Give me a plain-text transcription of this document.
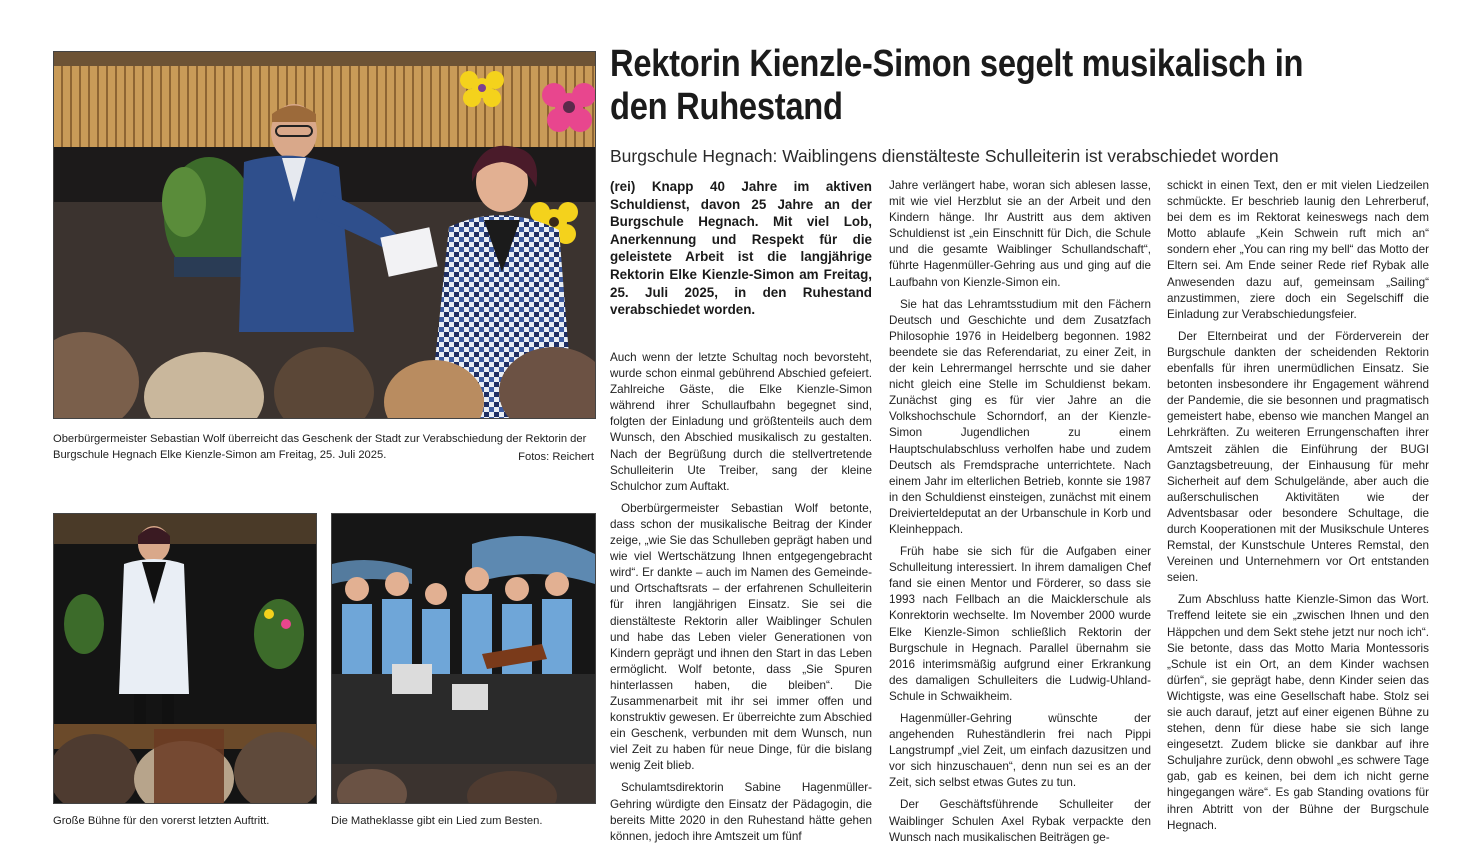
Oberbürgermeister Sebastian Wolf überreicht das Geschenk der Stadt zur Verabschiedung der Rektorin der Burgschule Hegnach Elke Kienzle-Simon am Freitag, 25. Juli 2025.	Fotos: Reichert
Große Bühne für den vorerst letzten Auftritt.	Die Matheklasse gibt ein Lied zum Besten.
Rektorin Kienzle-Simon segelt musikalisch in den Ruhestand
Burgschule Hegnach: Waiblingens dienstälteste Schulleiterin ist verabschiedet worden
(rei) Knapp 40 Jahre im aktiven Schuldienst, davon 25 Jahre an der Burgschule Hegnach. Mit viel Lob, Anerkennung und Respekt für die geleistete Arbeit ist die langjährige Rektorin Elke Kienzle-Simon am Freitag, 25. Juli 2025, in den Ruhestand verabschiedet worden.

Auch wenn der letzte Schultag noch bevorsteht, wurde schon einmal gebührend Abschied gefeiert. Zahlreiche Gäste, die Elke Kienzle-Simon während ihrer Schullaufbahn begegnet sind, folgten der Einladung und größtenteils auch dem Wunsch, den Abschied musikalisch zu gestalten. Nach der Begrüßung durch die stellvertretende Schulleiterin Ute Treiber, sang der kleine Schulchor zum Auftakt.

Oberbürgermeister Sebastian Wolf betonte, dass schon der musikalische Beitrag der Kinder zeige, „wie Sie das Schulleben geprägt haben und wie viel Wertschätzung Ihnen entgegengebracht wird“. Er dankte – auch im Namen des Gemeinde- und Ortschaftsrats – der erfahrenen Schulleiterin für ihren langjährigen Einsatz. Sie sei die dienstälteste Rektorin aller Waiblinger Schulen und habe das Leben vieler Generationen von Kindern geprägt und ihnen den Start in das Leben ermöglicht. Wolf betonte, dass „Sie Spuren hinterlassen haben, die bleiben“. Die Zusammenarbeit mit ihr sei immer offen und konstruktiv gewesen. Er überreichte zum Abschied ein Geschenk, verbunden mit dem Wunsch, nun viel Zeit zu haben für neue Dinge, für die bislang wenig Zeit blieb.

Schulamtsdirektorin Sabine Hagenmüller-Gehring würdigte den Einsatz der Pädagogin, die bereits Mitte 2020 in den Ruhestand hätte gehen können, jedoch ihre Amtszeit um fünf

Jahre verlängert habe, woran sich ablesen lasse, mit wie viel Herzblut sie an der Arbeit und den Kindern hänge. Ihr Austritt aus dem aktiven Schuldienst ist „ein Einschnitt für Dich, die Schule und die gesamte Waiblinger Schullandschaft“, führte Hagenmüller-Gehring aus und ging auf die Laufbahn von Kienzle-Simon ein.

Sie hat das Lehramtsstudium mit den Fächern Deutsch und Geschichte und dem Zusatzfach Philosophie 1976 in Heidelberg begonnen. 1982 beendete sie das Referendariat, zu einer Zeit, in der kein Lehrermangel herrschte und sie daher nicht gleich eine Stelle im Schuldienst bekam. Zunächst ging es für vier Jahre an die Volkshochschule Schorndorf, an der Kienzle-Simon Jugendlichen zu einem Hauptschulabschluss verholfen habe und zudem Deutsch als Fremdsprache unterrichtete. Nach einem Jahr im elterlichen Betrieb, konnte sie 1987 in den Schuldienst einsteigen, zunächst mit einem Dreivierteldeputat an der Urbanschule in Korb und Kleinheppach.

Früh habe sie sich für die Aufgaben einer Schulleitung interessiert. In ihrem damaligen Chef fand sie einen Mentor und Förderer, so dass sie 1993 nach Fellbach an die Maicklerschule als Konrektorin wechselte. Im November 2000 wurde Elke Kienzle-Simon schließlich Rektorin der Burgschule in Hegnach. Parallel übernahm sie 2016 interimsmäßig aufgrund einer Erkrankung des damaligen Schulleiters die Ludwig-Uhland-Schule in Schwaikheim.

Hagenmüller-Gehring wünschte der angehenden Ruheständlerin frei nach Pippi Langstrumpf „viel Zeit, um einfach dazusitzen und vor sich hinzuschauen“, denn nun sei es an der Zeit, sich selbst etwas Gutes zu tun.

Der Geschäftsführende Schulleiter der Waiblinger Schulen Axel Rybak verpackte den Wunsch nach musikalischen Beiträgen ge-

schickt in einen Text, den er mit vielen Liedzeilen schmückte. Er beschrieb launig den Lehrerberuf, bei dem es im Rektorat keineswegs nach dem Motto ablaufe „Kein Schwein ruft mich an“ sondern eher „You can ring my bell“ das Motto der Eltern sei. Am Ende seiner Rede rief Rybak alle Anwesenden dazu auf, gemeinsam „Sailing“ anzustimmen, ziere doch ein Segelschiff die Einladung zur Verabschiedungsfeier.

Der Elternbeirat und der Förderverein der Burgschule dankten der scheidenden Rektorin ebenfalls für ihren unermüdlichen Einsatz. Sie betonten insbesondere ihr Engagement während der Pandemie, die sie besonnen und pragmatisch gemeistert habe, ebenso wie manchen Mangel an Lehrkräften. Zu weiteren Errungenschaften ihrer Amtszeit zählen die Einführung der BUGI Ganztagsbetreuung, der Einhausung für mehr Sicherheit auf dem Schulgelände, aber auch die außerschulischen Aktivitäten wie der Adventsbasar oder besondere Schultage, die durch Kooperationen mit der Musikschule Unteres Remstal, der Kunstschule Unteres Remstal, den Vereinen und Unternehmern vor Ort entstanden seien.

Zum Abschluss hatte Kienzle-Simon das Wort. Treffend leitete sie ein „zwischen Ihnen und den Häppchen und dem Sekt stehe jetzt nur noch ich“. Sie betonte, dass das Motto Maria Montessoris „Schule ist ein Ort, an dem Kinder wachsen dürfen“, sie geprägt habe, denn Kinder seien das Wichtigste, was eine Gesellschaft habe. Stolz sei sie auch darauf, jetzt auf einer eigenen Bühne zu stehen, denn für diese habe sie sich lange eingesetzt. Zudem blicke sie dankbar auf ihre Schuljahre zurück, denn obwohl „es schwere Tage gab, gab es keinen, bei dem ich nicht gerne hingegangen wäre“. Es gab Standing ovations für ihren Abtritt von der Bühne der Burgschule Hegnach.
